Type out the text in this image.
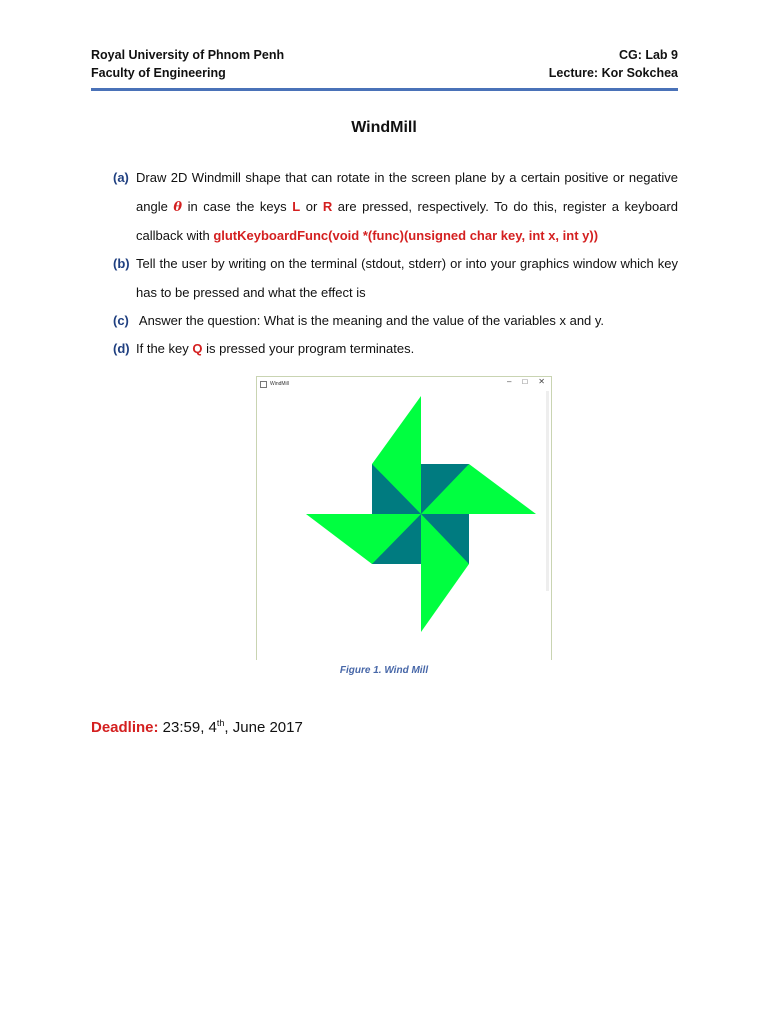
Royal University of Phnom Penh
Faculty of Engineering
CG: Lab 9
Lecture: Kor Sokchea
WindMill
(a) Draw 2D Windmill shape that can rotate in the screen plane by a certain positive or negative angle θ in case the keys L or R are pressed, respectively. To do this, register a keyboard callback with glutKeyboardFunc(void *(func)(unsigned char key, int x, int y))
(b) Tell the user by writing on the terminal (stdout, stderr) or into your graphics window which key has to be pressed and what the effect is
(c) Answer the question: What is the meaning and the value of the variables x and y.
(d) If the key Q is pressed your program terminates.
WindMill	– □ ✕
Figure 1. Wind Mill
Deadline: 23:59, 4th, June 2017
